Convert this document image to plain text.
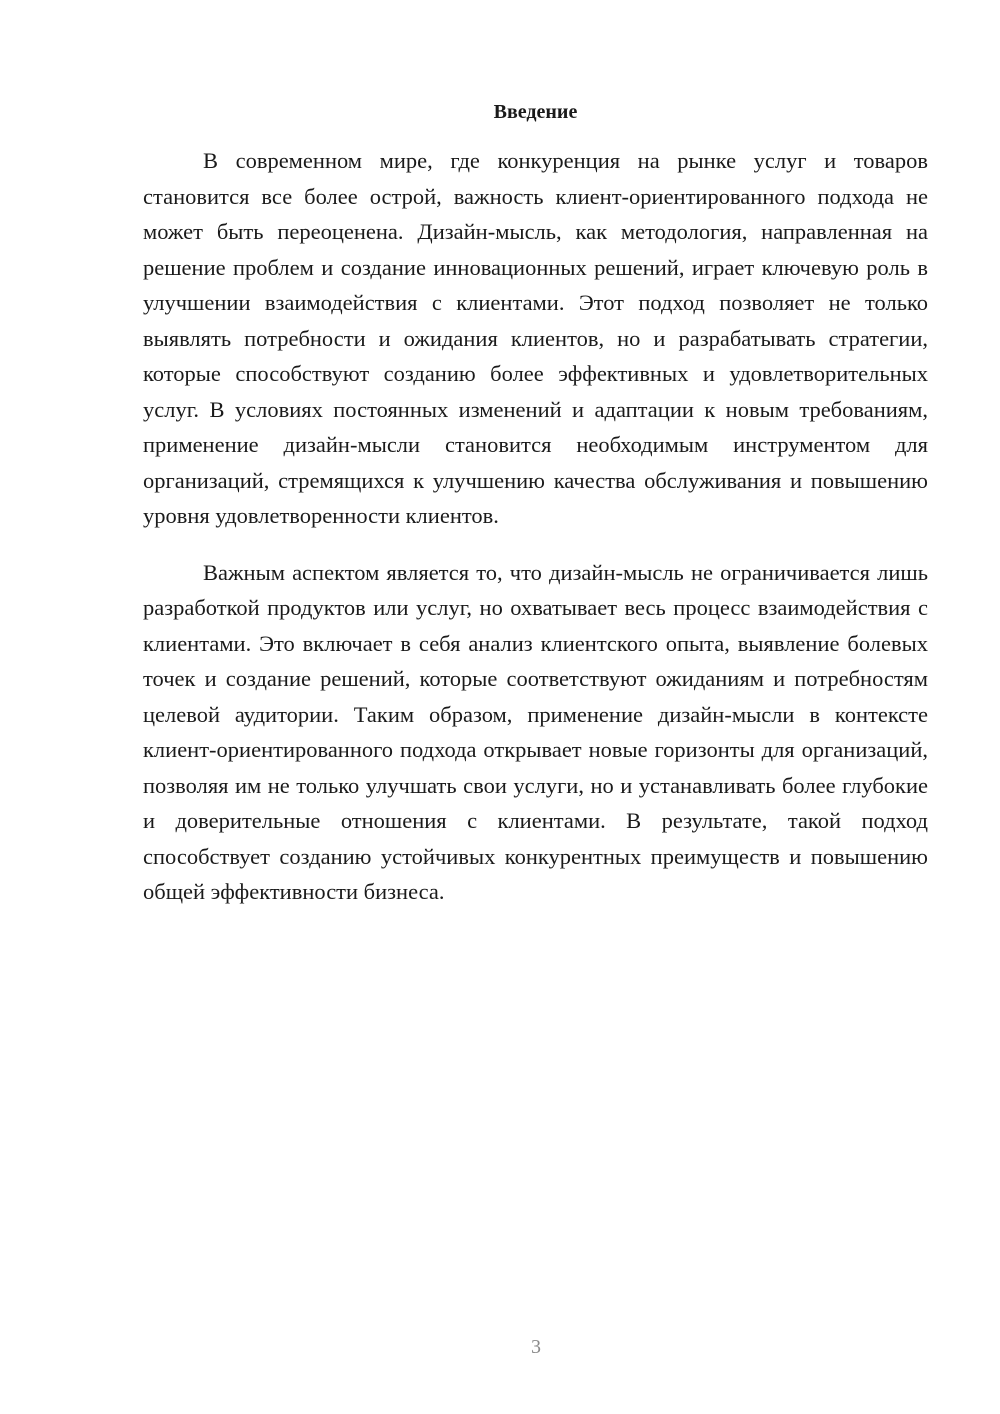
Введение

В современном мире, где конкуренция на рынке услуг и товаров становится все более острой, важность клиент-ориентированного подхода не может быть переоценена. Дизайн-мысль, как методология, направленная на решение проблем и создание инновационных решений, играет ключевую роль в улучшении взаимодействия с клиентами. Этот подход позволяет не только выявлять потребности и ожидания клиентов, но и разрабатывать стратегии, которые способствуют созданию более эффективных и удовлетворительных услуг. В условиях постоянных изменений и адаптации к новым требованиям, применение дизайн-мысли становится необходимым инструментом для организаций, стремящихся к улучшению качества обслуживания и повышению уровня удовлетворенности клиентов.

Важным аспектом является то, что дизайн-мысль не ограничивается лишь разработкой продуктов или услуг, но охватывает весь процесс взаимодействия с клиентами. Это включает в себя анализ клиентского опыта, выявление болевых точек и создание решений, которые соответствуют ожиданиям и потребностям целевой аудитории. Таким образом, применение дизайн-мысли в контексте клиент-ориентированного подхода открывает новые горизонты для организаций, позволяя им не только улучшать свои услуги, но и устанавливать более глубокие и доверительные отношения с клиентами. В результате, такой подход способствует созданию устойчивых конкурентных преимуществ и повышению общей эффективности бизнеса.

3
